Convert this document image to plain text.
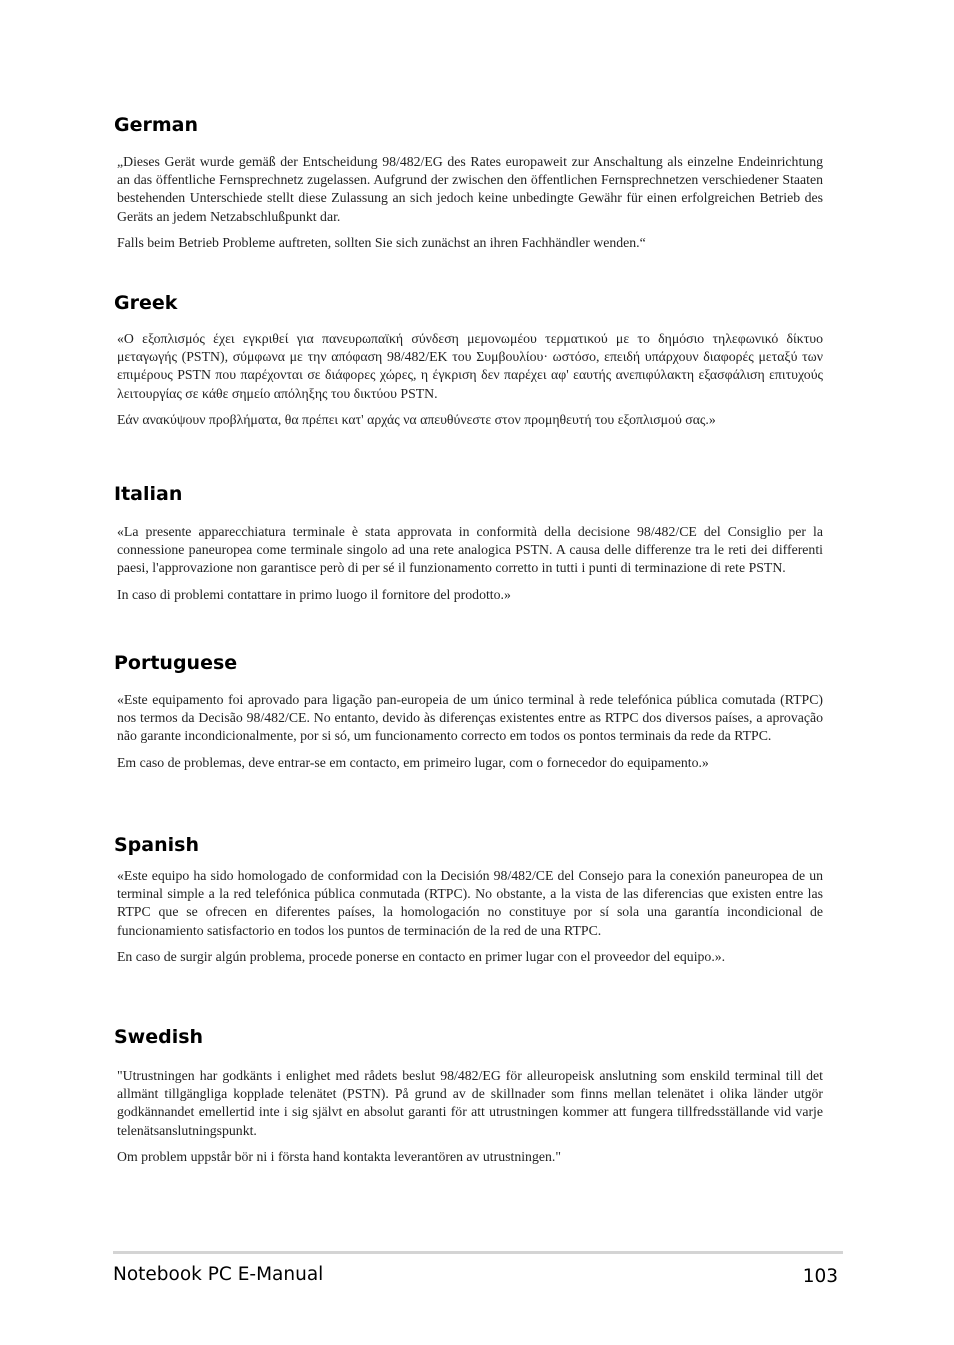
German

„Dieses Gerät wurde gemäß der Entscheidung 98/482/EG des Rates europaweit zur Anschaltung als einzelne Endeinrichtung an das öffentliche Fernsprechnetz zugelassen. Aufgrund der zwischen den öffentlichen Fernsprechnetzen verschiedener Staaten bestehenden Unterschiede stellt diese Zulassung an sich jedoch keine unbedingte Gewähr für einen erfolgreichen Betrieb des Geräts an jedem Netzabschlußpunkt dar.

Falls beim Betrieb Probleme auftreten, sollten Sie sich zunächst an ihren Fachhändler wenden.“

Greek

«Ο εξοπλισμός έχει εγκριθεί για πανευρωπαϊκή σύνδεση μεμονωμέου τερματικού με το δημόσιο τηλεφωνικό δίκτυο μεταγωγής (PSTN), σύμφωνα με την απόφαση 98/482/ΕΚ του Συμβουλίου· ωστόσο, επειδή υπάρχουν διαφορές μεταξύ των επιμέρους PSTN που παρέχονται σε διάφορες χώρες, η έγκριση δεν παρέχει αφ' εαυτής ανεπιφύλακτη εξασφάλιση επιτυχούς λειτουργίας σε κάθε σημείο απόληξης του δικτύου PSTN.

Εάν ανακύψουν προβλήματα, θα πρέπει κατ' αρχάς να απευθύνεστε στον προμηθευτή του εξοπλισμού σας.»

Italian

«La presente apparecchiatura terminale è stata approvata in conformità della decisione 98/482/CE del Consiglio per la connessione paneuropea come terminale singolo ad una rete analogica PSTN. A causa delle differenze tra le reti dei differenti paesi, l'approvazione non garantisce però di per sé il funzionamento corretto in tutti i punti di terminazione di rete PSTN.

In caso di problemi contattare in primo luogo il fornitore del prodotto.»

Portuguese

«Este equipamento foi aprovado para ligação pan-europeia de um único terminal à rede telefónica pública comutada (RTPC) nos termos da Decisão 98/482/CE. No entanto, devido às diferenças existentes entre as RTPC dos diversos países, a aprovação não garante incondicionalmente, por si só, um funcionamento correcto em todos os pontos terminais da rede da RTPC.

Em caso de problemas, deve entrar-se em contacto, em primeiro lugar, com o fornecedor do equipamento.»

Spanish

«Este equipo ha sido homologado de conformidad con la Decisión 98/482/CE del Consejo para la conexión paneuropea de un terminal simple a la red telefónica pública conmutada (RTPC). No obstante, a la vista de las diferencias que existen entre las RTPC que se ofrecen en diferentes países, la homologación no constituye por sí sola una garantía incondicional de funcionamiento satisfactorio en todos los puntos de terminación de la red de una RTPC.

En caso de surgir algún problema, procede ponerse en contacto en primer lugar con el proveedor del equipo.».

Swedish

"Utrustningen har godkänts i enlighet med rådets beslut 98/482/EG för alleuropeisk anslutning som enskild terminal till det allmänt tillgängliga kopplade telenätet (PSTN). På grund av de skillnader som finns mellan telenätet i olika länder utgör godkännandet emellertid inte i sig självt en absolut garanti för att utrustningen kommer att fungera tillfredsställande vid varje telenätsanslutningspunkt.

Om problem uppstår bör ni i första hand kontakta leverantören av utrustningen."

Notebook PC E-Manual	103
